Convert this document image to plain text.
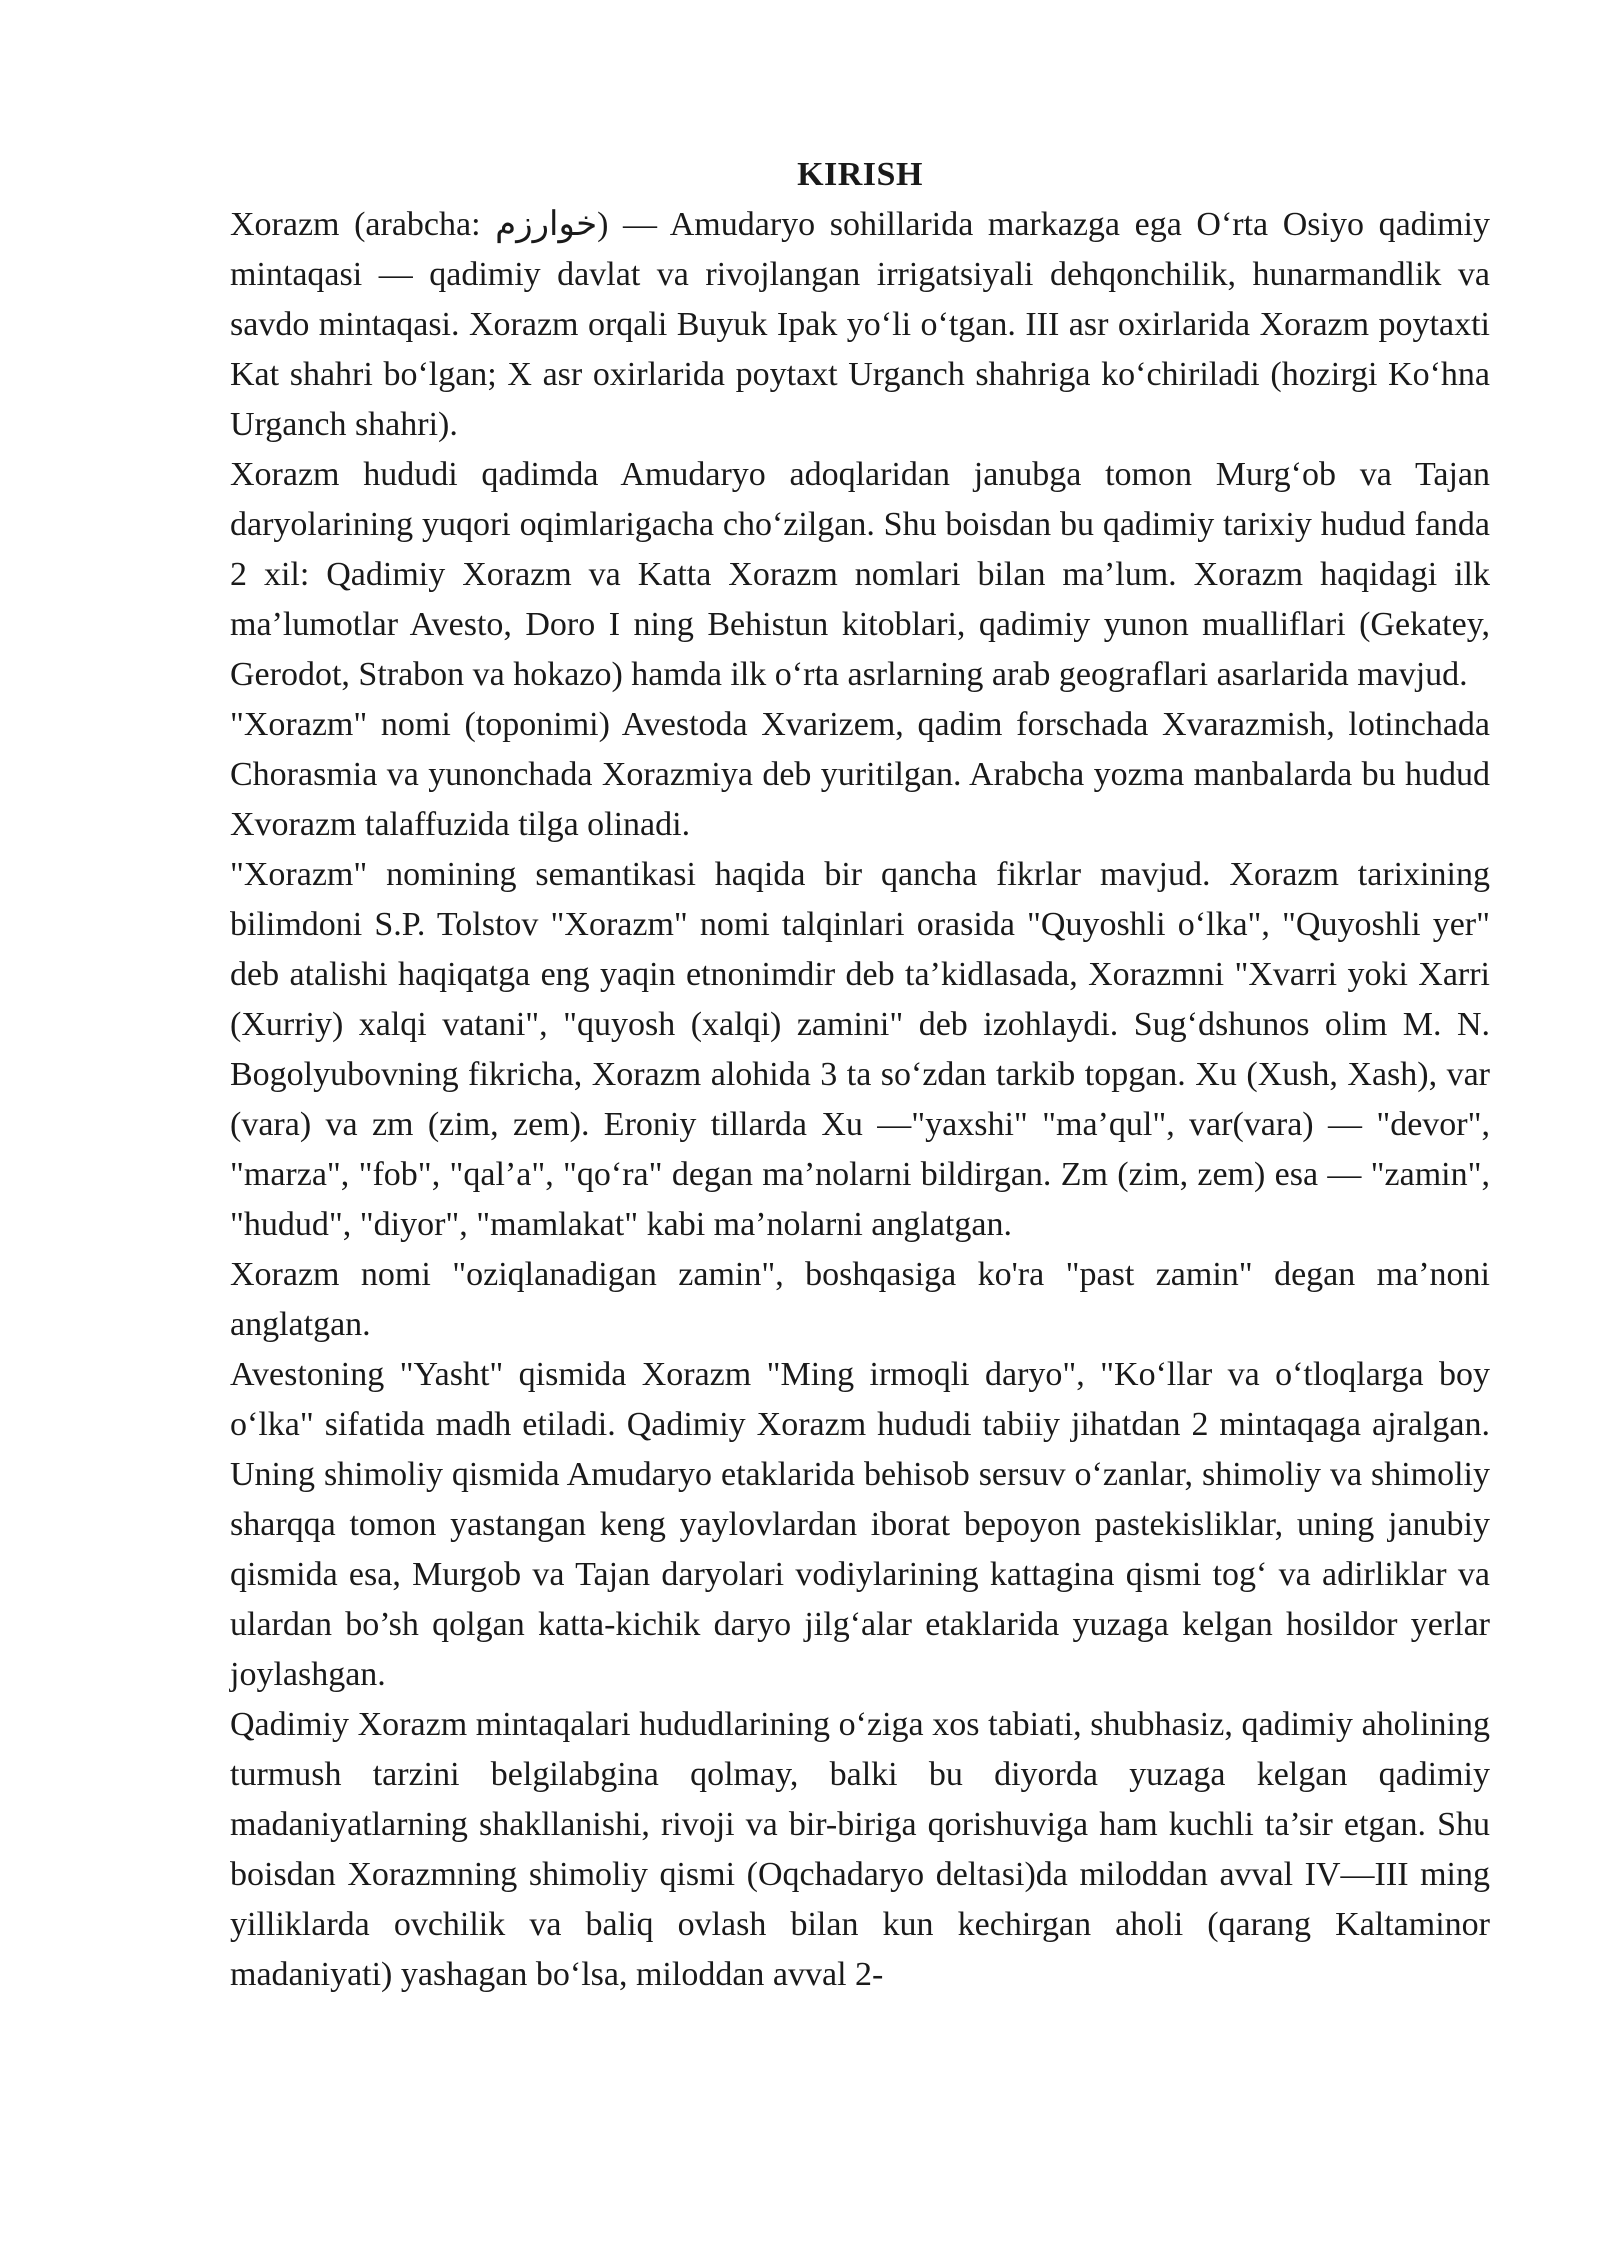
KIRISH

Xorazm (arabcha: خوارزم) — Amudaryo sohillarida markazga ega O‘rta Osiyo qadimiy mintaqasi — qadimiy davlat va rivojlangan irrigatsiyali dehqonchilik, hunarmandlik va savdo mintaqasi. Xorazm orqali Buyuk Ipak yo‘li o‘tgan. III asr oxirlarida Xorazm poytaxti Kat shahri bo‘lgan; X asr oxirlarida poytaxt Urganch shahriga ko‘chiriladi (hozirgi Ko‘hna Urganch shahri).

Xorazm hududi qadimda Amudaryo adoqlaridan janubga tomon Murg‘ob va Tajan daryolarining yuqori oqimlarigacha cho‘zilgan. Shu boisdan bu qadimiy tarixiy hudud fanda 2 xil: Qadimiy Xorazm va Katta Xorazm nomlari bilan ma’lum. Xorazm haqidagi ilk ma’lumotlar Avesto, Doro I ning Behistun kitoblari, qadimiy yunon mualliflari (Gekatey, Gerodot, Strabon va hokazo) hamda ilk o‘rta asrlarning arab geograflari asarlarida mavjud.

"Xorazm" nomi (toponimi) Avestoda Xvarizem, qadim forschada Xvarazmish, lotinchada Chorasmia va yunonchada Xorazmiya deb yuritilgan. Arabcha yozma manbalarda bu hudud Xvorazm talaffuzida tilga olinadi.

"Xorazm" nomining semantikasi haqida bir qancha fikrlar mavjud. Xorazm tarixining bilimdoni S.P. Tolstov "Xorazm" nomi talqinlari orasida "Quyoshli o‘lka", "Quyoshli yer" deb atalishi haqiqatga eng yaqin etnonimdir deb ta’kidlasada, Xorazmni "Xvarri yoki Xarri (Xurriy) xalqi vatani", "quyosh (xalqi) zamini" deb izohlaydi. Sug‘dshunos olim M. N. Bogolyubovning fikricha, Xorazm alohida 3 ta so‘zdan tarkib topgan. Xu (Xush, Xash), var (vara) va zm (zim, zem). Eroniy tillarda Xu —"yaxshi" "ma’qul", var(vara) — "devor", "marza", "fob", "qal’a", "qo‘ra" degan ma’nolarni bildirgan. Zm (zim, zem) esa — "zamin", "hudud", "diyor", "mamlakat" kabi ma’nolarni anglatgan.

Xorazm nomi "oziqlanadigan zamin", boshqasiga ko'ra "past zamin" degan ma’noni anglatgan.

Avestoning "Yasht" qismida Xorazm "Ming irmoqli daryo", "Ko‘llar va o‘tloqlarga boy o‘lka" sifatida madh etiladi. Qadimiy Xorazm hududi tabiiy jihatdan 2 mintaqaga ajralgan. Uning shimoliy qismida Amudaryo etaklarida behisob sersuv o‘zanlar, shimoliy va shimoliy sharqqa tomon yastangan keng yaylovlardan iborat bepoyon pastekisliklar, uning janubiy qismida esa, Murgob va Tajan daryolari vodiylarining kattagina qismi tog‘ va adirliklar va ulardan bo’sh qolgan katta-kichik daryo jilg‘alar etaklarida yuzaga kelgan hosildor yerlar joylashgan.

Qadimiy Xorazm mintaqalari hududlarining o‘ziga xos tabiati, shubhasiz, qadimiy aholining turmush tarzini belgilabgina qolmay, balki bu diyorda yuzaga kelgan qadimiy madaniyatlarning shakllanishi, rivoji va bir-biriga qorishuviga ham kuchli ta’sir etgan. Shu boisdan Xorazmning shimoliy qismi (Oqchadaryo deltasi)da miloddan avval IV—III ming yilliklarda ovchilik va baliq ovlash bilan kun kechirgan aholi (qarang Kaltaminor madaniyati) yashagan bo‘lsa, miloddan avval 2-
